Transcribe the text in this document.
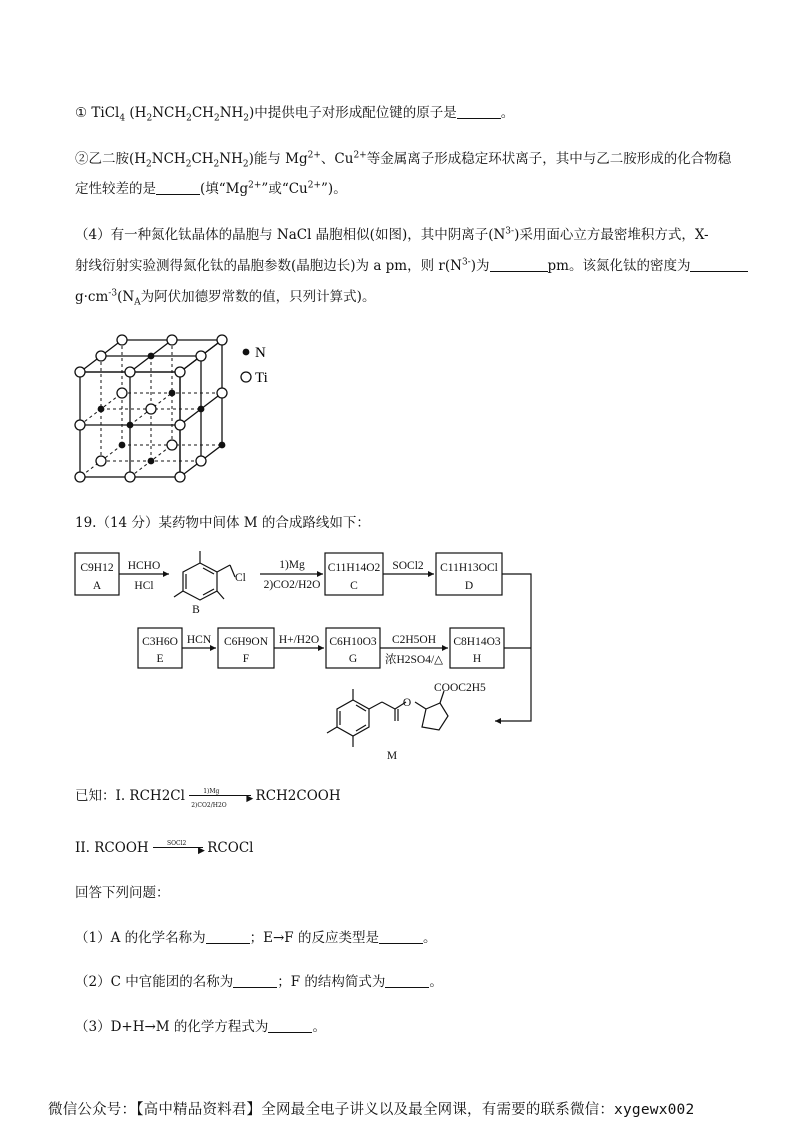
① TiCl$_4$ $(H_2NCH_2CH_2NH_2)$中提供电子对形成配位键的原子是	。
②乙二胺$(H_2NCH_2CH_2NH_2)$能与 $Mg^{2+}$、$Cu^{2+}$等金属离子形成稳定环状离子，其中与乙二胺形成的化合物稳
定性较差的是	(填“$Mg^{2+}$”或“$Cu^{2+}$”)。
（4）有一种氮化钛晶体的晶胞与 NaCl 晶胞相似(如图)，其中阴离子$(N^{3-})$采用面心立方最密堆积方式，X-
射线衍射实验测得氮化钛的晶胞参数(晶胞边长)为 a pm，则 $r(N^{3-})$为	pm。该氮化钛的密度为
$g\cdot cm^{-3}(N_A$为阿伏加德罗常数的值，只列计算式)。
N
Ti
19.（14 分）某药物中间体 M 的合成路线如下：
C9H12
A
HCHO
HCl
Cl
B
1)Mg
2)CO2/H2O
C11H14O2
C
SOCl2 C11H13OCl
D
C3H6O
E
HCN C6H9ON
F
H+/H2O C6H10O3
G
C2H5OH
浓H2SO4/△
C8H14O3
H
O
COOC2H5
M
已知：I. RCH2Cl	▶
1)Mg
2)CO2/H2O
RCH2COOH
II. RCOOH	▶
SOCl2 RCOCl
回答下列问题：
（1）A 的化学名称为	；E→F 的反应类型是	。
（2）C 中官能团的名称为	；F 的结构简式为	。
（3）D+H→M 的化学方程式为	。
微信公众号：【高中精品资料君】全网最全电子讲义以及最全网课，有需要的联系微信：xygewx002
